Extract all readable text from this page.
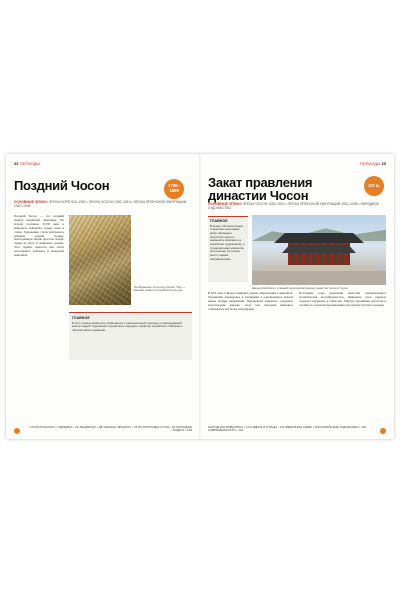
22 ПЕРИОДЫ
Поздний Чосон	1700–1899
ОСНОВНЫЕ ЭПОХИ: ЭПОХА КОРЁ 918–1392 • ЭПОХА ЧОСОН 1392–1910 • ЭПОХА ЯПОНСКОЙ ОККУПАЦИИ 1910–1945
Поздний Чосон — это поздний период корейской живописи. Во второй половине XVIII века в живописи появились новые темы и стили. Художники стали изображать пейзажи родной страны, повседневную жизнь простых людей, сцены из быта и жанровые сценки. Этот период известен как эпоха «настоящего пейзажа» и жанровой живописи.
Изображение тигра под сосной. Тигр — важный символ в корейской культуре.
ГЛАВНОЕ
В этот период живопись обращается к национальной природе и повседневной жизни людей. Художники стремились передать характер корейского пейзажа и обычаи своего времени.
СТУПИ В БАЛАНС • ПЕРЕВАЛ • 34 ХЕНДЖОНГ • 98 ЧЕРНЫЕ ЧЕРНИЛА • 78 ИСТОРИЯ ДЕЛ И ЯТО • 92 МОЛОДЫЕ РОДЫ 9 • 128
ПЕРИОДЫ 23
Закат правления династии Чосон
XIX в.
ОСНОВНЫЕ ЭПОХИ: ЭПОХА ЧОСОН 1392–1910 • ЭПОХА ЯПОНСКОЙ ОККУПАЦИИ 1910–1945 • НАРОДНОЕ ХУДОЖЕСТВО
ГЛАВНОЕ
В конце XIX века Корея открылась внешнему миру. Западное искусство начало оказывать влияние на корейских художников, и традиционная живопись постепенно уступала место новым направлениям.
Дворец Кёнбоккун, главный королевский дворец династии Чосон в Сеуле.
В XIX веке в Корее появились новые направления в живописи. Художники обращались к традициям и одновременно искали новые формы выражения. Придворная живопись сохраняла классические каноны, тогда как народная живопись становилась всё более популярной.
Последние годы правления династии ознаменовались политической нестабильностью. Живопись этого периода отражает перемены в обществе. Многие художники работали в столице и создавали произведения для знати и богатых горожан.
НАРОДНАЯ ЖИВОПИСЬ • 114 ЦВЕТЫ И ПТИЦЫ • 116 ЗВЕРИНЫЕ ТЕМЫ • 118 КОРЕЙСКИЕ ХУДОЖНИКИ • 120 СОВРЕМЕННОСТЬ • 124
